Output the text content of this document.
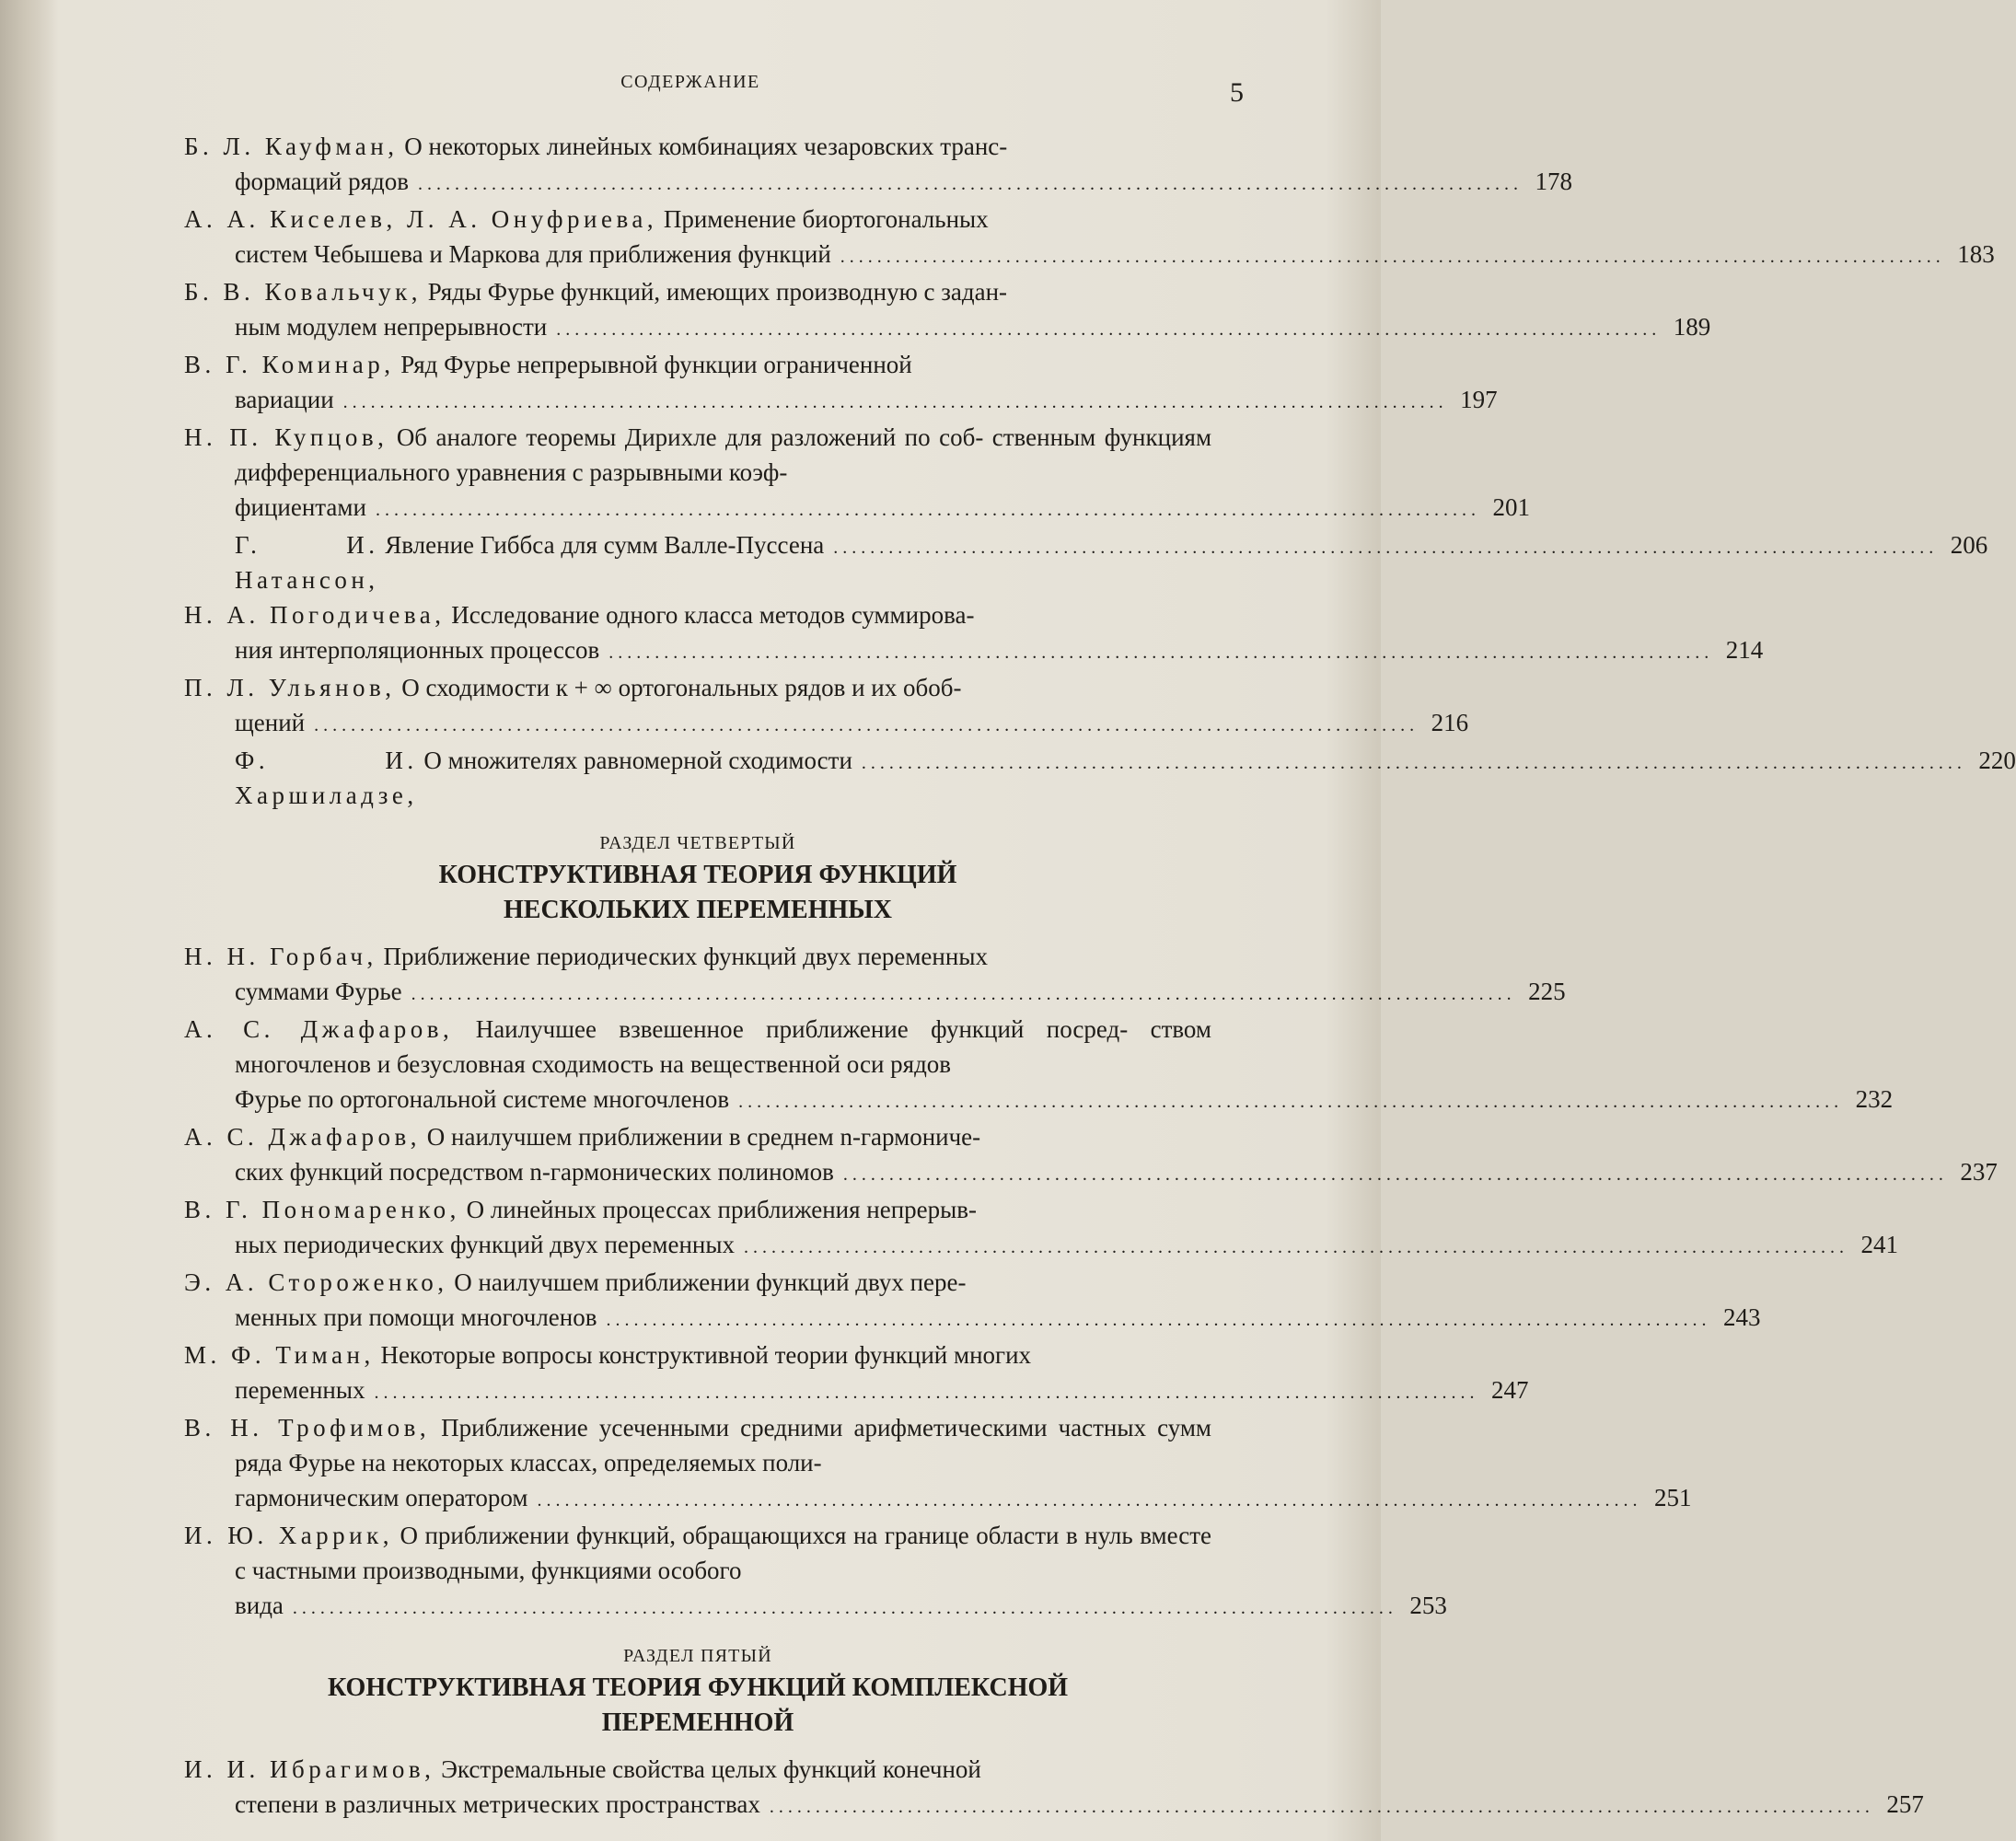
СОДЕРЖАНИЕ	5
Б. Л. Кауфман, О некоторых линейных комбинациях чезаровских транс-
формаций рядов ........................................................................................................................ 178
А. А. Киселев, Л. А. Онуфриева, Применение биортогональных
систем Чебышева и Маркова для приближения функций ........................................................................................................................ 183
Б. В. Ковальчук, Ряды Фурье функций, имеющих производную с задан-
ным модулем непрерывности ........................................................................................................................ 189
В. Г. Коминар, Ряд Фурье непрерывной функции ограниченной
вариации ........................................................................................................................ 197
Н. П. Купцов, Об аналоге теоремы Дирихле для разложений по соб- ственным функциям дифференциального уравнения с разрывными коэф-
фициентами ........................................................................................................................ 201
Г. И. Натансон,

Явление Гиббса для сумм Валле-Пуссена ........................................................................................................................ 206
Н. А. Погодичева, Исследование одного класса методов суммирова-
ния интерполяционных процессов ........................................................................................................................ 214
П. Л. Ульянов, О сходимости к + ∞ ортогональных рядов и их обоб-
щений ........................................................................................................................ 216
Ф. И. Харшиладзе,

О множителях равномерной сходимости ........................................................................................................................ 220
РАЗДЕЛ ЧЕТВЕРТЫЙ
КОНСТРУКТИВНАЯ ТЕОРИЯ ФУНКЦИЙ
НЕСКОЛЬКИХ ПЕРЕМЕННЫХ
Н. Н. Горбач, Приближение периодических функций двух переменных
суммами Фурье ........................................................................................................................ 225
А. С. Джафаров, Наилучшее взвешенное приближение функций посред- ством многочленов и безусловная сходимость на вещественной оси рядов
Фурье по ортогональной системе многочленов ........................................................................................................................ 232
А. С. Джафаров, О наилучшем приближении в среднем n-гармониче-
ских функций посредством n-гармонических полиномов ........................................................................................................................ 237
В. Г. Пономаренко, О линейных процессах приближения непрерыв-
ных периодических функций двух переменных ........................................................................................................................ 241
Э. А. Стороженко, О наилучшем приближении функций двух пере-
менных при помощи многочленов ........................................................................................................................ 243
М. Ф. Тиман, Некоторые вопросы конструктивной теории функций многих
переменных ........................................................................................................................ 247
В. Н. Трофимов, Приближение усеченными средними арифметическими частных сумм ряда Фурье на некоторых классах, определяемых поли-
гармоническим оператором ........................................................................................................................ 251
И. Ю. Харрик, О приближении функций, обращающихся на границе области в нуль вместе с частными производными, функциями особого
вида ........................................................................................................................ 253
РАЗДЕЛ ПЯТЫЙ
КОНСТРУКТИВНАЯ ТЕОРИЯ ФУНКЦИЙ КОМПЛЕКСНОЙ
ПЕРЕМЕННОЙ
И. И. Ибрагимов, Экстремальные свойства целых функций конечной
степени в различных метрических пространствах ........................................................................................................................ 257
